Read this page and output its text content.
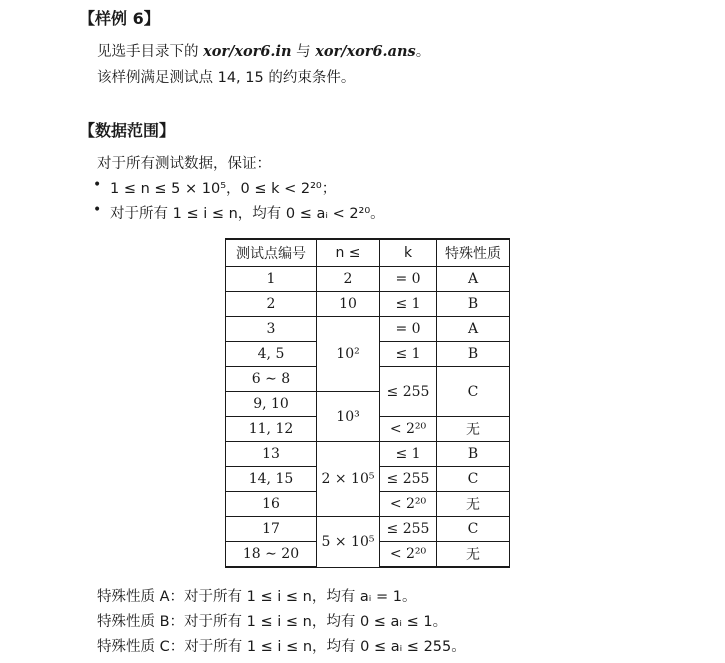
【样例 6】
见选手目录下的 xor/xor6.in 与 xor/xor6.ans。
该样例满足测试点 14, 15 的约束条件。
【数据范围】
对于所有测试数据，保证：
• 1 ≤ n ≤ 5 × 10⁵，0 ≤ k < 2²⁰；
• 对于所有 1 ≤ i ≤ n，均有 0 ≤ aᵢ < 2²⁰。
测试点编号	n ≤	k	特殊性质
1	2	= 0	A
2	10	≤ 1	B
3	10²	= 0	A
4, 5		≤ 1	B
6 ∼ 8		≤ 255	C
9, 10	10³		
11, 12		< 2²⁰	无
13	2 × 10⁵	≤ 1	B
14, 15		≤ 255	C
16		< 2²⁰	无
17	5 × 10⁵	≤ 255	C
18 ∼ 20		< 2²⁰	无
特殊性质 A：对于所有 1 ≤ i ≤ n，均有 aᵢ = 1。
特殊性质 B：对于所有 1 ≤ i ≤ n，均有 0 ≤ aᵢ ≤ 1。
特殊性质 C：对于所有 1 ≤ i ≤ n，均有 0 ≤ aᵢ ≤ 255。
